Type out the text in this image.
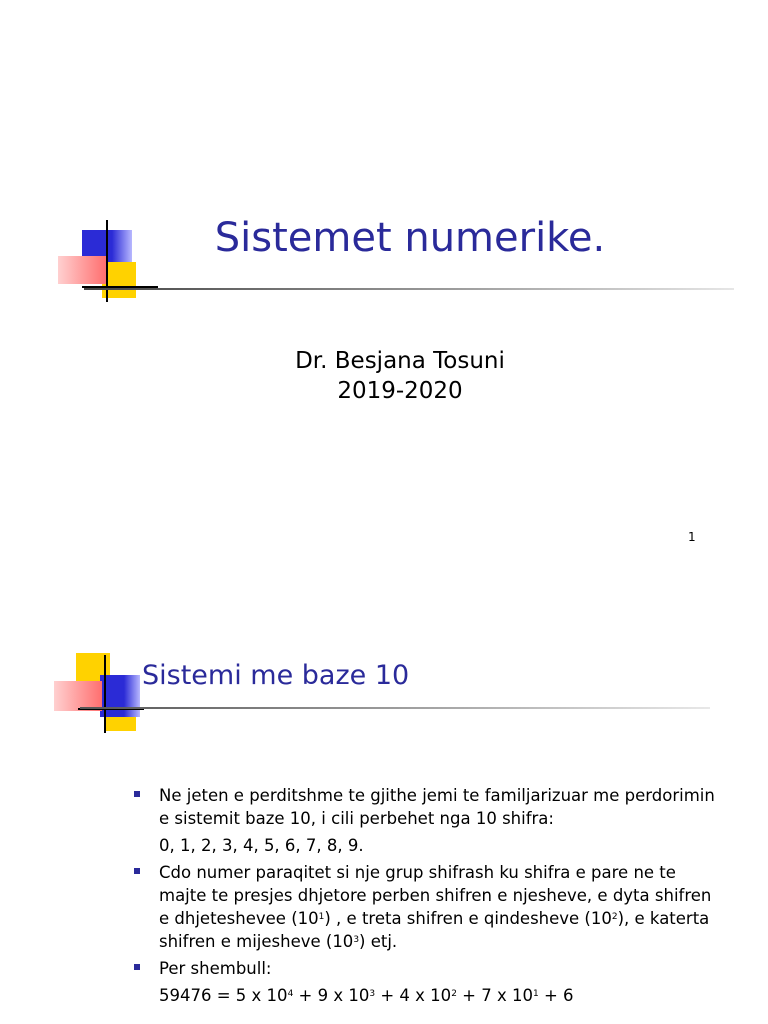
Sistemet numerike.
Dr. Besjana Tosuni
2019-2020
1
Sistemi me baze 10
Ne jeten e perditshme te gjithe jemi te familjarizuar me perdorimin e sistemit baze 10, i cili perbehet nga 10 shifra:
0, 1, 2, 3, 4, 5, 6, 7, 8, 9.
Cdo numer paraqitet si nje grup shifrash ku shifra e pare ne te majte te presjes dhjetore perben shifren e njesheve, e dyta shifren e dhjeteshevee $(10^1)$ , e treta shifren e qindesheve $(10^2)$, e katerta shifren e mijesheve $(10^3)$ etj.
Per shembull:
59476 = 5 x $10^4 + 9$ x $10^3 + 4$ x $10^2 + 7$ x $10^1 + 6$
